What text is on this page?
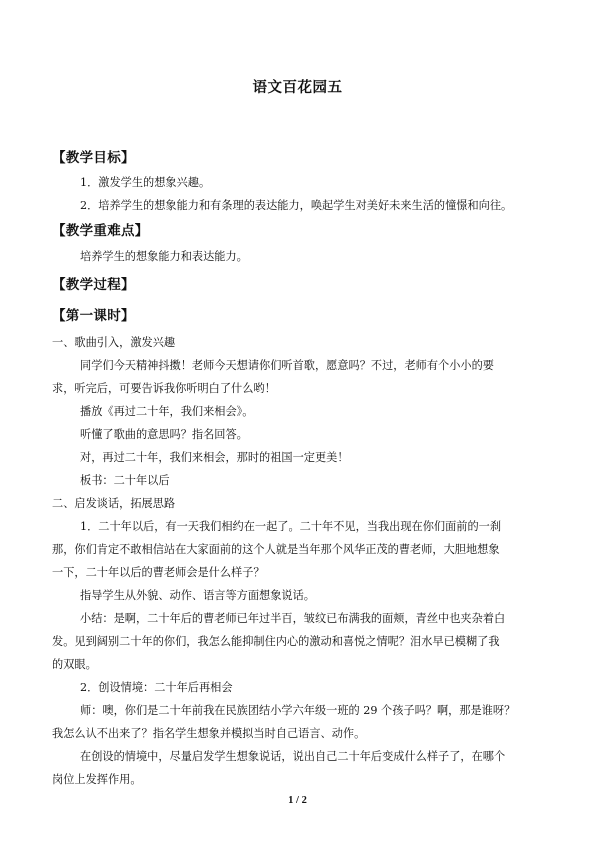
语文百花园五
【教学目标】
1．激发学生的想象兴趣。
2．培养学生的想象能力和有条理的表达能力，唤起学生对美好未来生活的憧憬和向往。
【教学重难点】
培养学生的想象能力和表达能力。
【教学过程】
【第一课时】
一、歌曲引入，激发兴趣
同学们今天精神抖擞！老师今天想请你们听首歌，愿意吗？不过，老师有个小小的要
求，听完后，可要告诉我你听明白了什么哟！
播放《再过二十年，我们来相会》。
听懂了歌曲的意思吗？指名回答。
对，再过二十年，我们来相会，那时的祖国一定更美！
板书：二十年以后
二、启发谈话，拓展思路
1．二十年以后，有一天我们相约在一起了。二十年不见，当我出现在你们面前的一刹
那，你们肯定不敢相信站在大家面前的这个人就是当年那个风华正茂的曹老师，大胆地想象
一下，二十年以后的曹老师会是什么样子？
指导学生从外貌、动作、语言等方面想象说话。
小结：是啊，二十年后的曹老师已年过半百，皱纹已布满我的面颊，青丝中也夹杂着白
发。见到阔别二十年的你们，我怎么能抑制住内心的激动和喜悦之情呢？泪水早已模糊了我
的双眼。
2．创设情境：二十年后再相会
师：噢，你们是二十年前我在民族团结小学六年级一班的 29 个孩子吗？啊，那是谁呀？
我怎么认不出来了？指名学生想象并模拟当时自己语言、动作。
在创设的情境中，尽量启发学生想象说话，说出自己二十年后变成什么样子了，在哪个
岗位上发挥作用。
1 / 2
